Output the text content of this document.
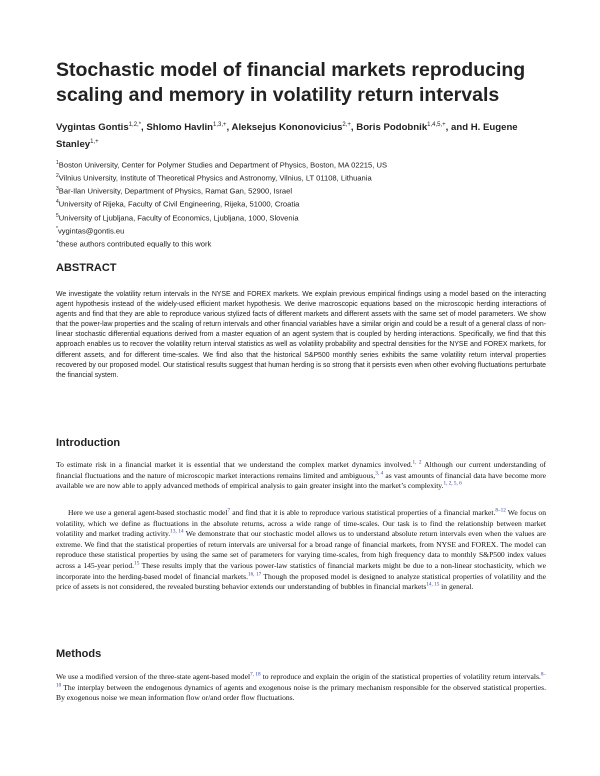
Stochastic model of financial markets reproducing scaling and memory in volatility return intervals
Vygintas Gontis$^{1,2,*}$, Shlomo Havlin$^{1,3,+}$, Aleksejus Kononovicius$^{2,+}$, Boris Podobnik$^{1,4,5,+}$, and H. Eugene Stanley$^{1,+}$
$^1$Boston University, Center for Polymer Studies and Department of Physics, Boston, MA 02215, US
$^2$Vilnius University, Institute of Theoretical Physics and Astronomy, Vilnius, LT 01108, Lithuania
$^3$Bar-Ilan University, Department of Physics, Ramat Gan, 52900, Israel
$^4$University of Rijeka, Faculty of Civil Engineering, Rijeka, 51000, Croatia
$^5$University of Ljubljana, Faculty of Economics, Ljubljana, 1000, Slovenia
*vygintas@gontis.eu
+these authors contributed equally to this work
ABSTRACT

We investigate the volatility return intervals in the NYSE and FOREX markets. We explain previous empirical findings using a model based on the interacting agent hypothesis instead of the widely-used efficient market hypothesis. We derive macroscopic equations based on the microscopic herding interactions of agents and find that they are able to reproduce various stylized facts of different markets and different assets with the same set of model parameters. We show that the power-law properties and the scaling of return intervals and other financial variables have a similar origin and could be a result of a general class of non-linear stochastic differential equations derived from a master equation of an agent system that is coupled by herding interactions. Specifically, we find that this approach enables us to recover the volatility return interval statistics as well as volatility probability and spectral densities for the NYSE and FOREX markets, for different assets, and for different time-scales. We find also that the historical S&P500 monthly series exhibits the same volatility return interval properties recovered by our proposed model. Our statistical results suggest that human herding is so strong that it persists even when other evolving fluctuations perturbate the financial system.

Introduction

To estimate risk in a financial market it is essential that we understand the complex market dynamics involved.$^{1, 2}$ Although our current understanding of financial fluctuations and the nature of microscopic market interactions remains limited and ambiguous,$^{3, 4}$ as vast amounts of financial data have become more available we are now able to apply advanced methods of empirical analysis to gain greater insight into the market’s complexity.$^{1, 2, 5, 6}$

Here we use a general agent-based stochastic model$^7$ and find that it is able to reproduce various statistical properties of a financial market.$^{8-12}$ We focus on volatility, which we define as fluctuations in the absolute returns, across a wide range of time-scales. Our task is to find the relationship between market volatility and market trading activity.$^{13, 14}$ We demonstrate that our stochastic model allows us to understand absolute return intervals even when the values are extreme. We find that the statistical properties of return intervals are universal for a broad range of financial markets, from NYSE and FOREX. The model can reproduce these statistical properties by using the same set of parameters for varying time-scales, from high frequency data to monthly S&P500 index values across a 145-year period.$^{15}$ These results imply that the various power-law statistics of financial markets might be due to a non-linear stochasticity, which we incorporate into the herding-based model of financial markets.$^{16, 17}$ Though the proposed model is designed to analyze statistical properties of volatility and the price of assets is not considered, the revealed bursting behavior extends our understanding of bubbles in financial markets$^{14, 15}$ in general.

Methods

We use a modified version of the three-state agent-based model$^{7, 18}$ to reproduce and explain the origin of the statistical properties of volatility return intervals.$^{8-10}$ The interplay between the endogenous dynamics of agents and exogenous noise is the primary mechanism responsible for the observed statistical properties. By exogenous noise we mean information flow or/and order flow fluctuations.
